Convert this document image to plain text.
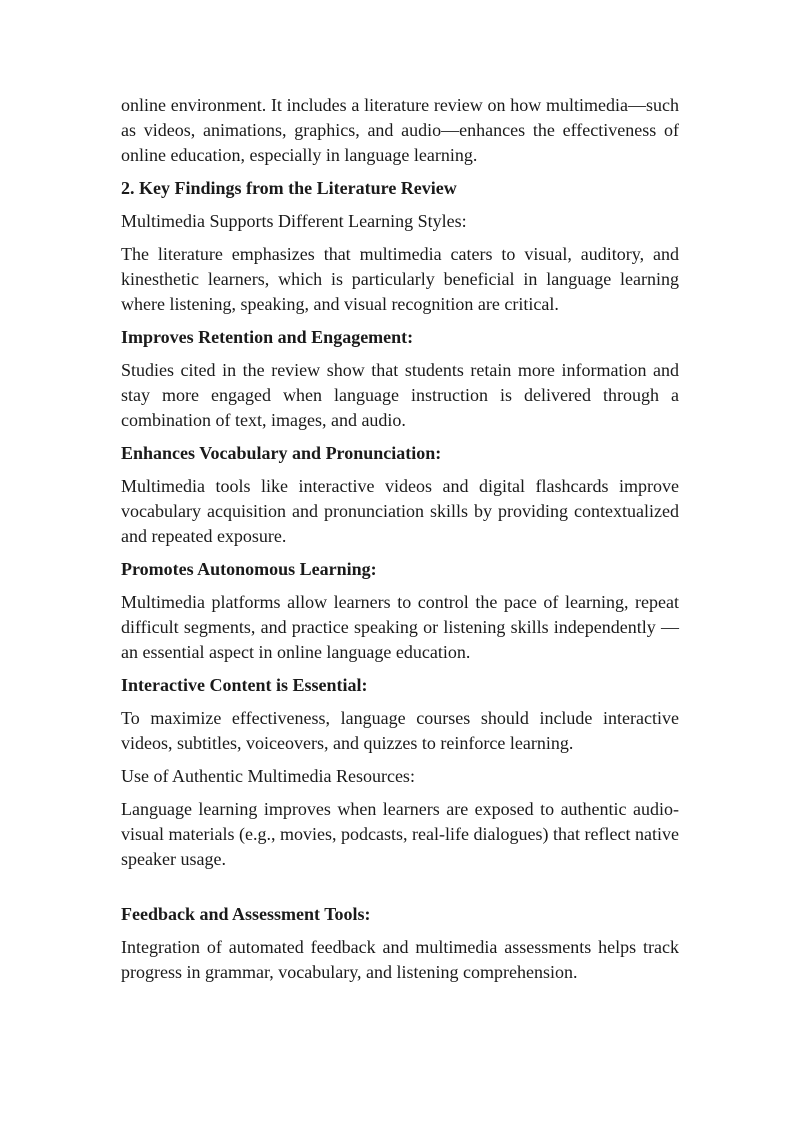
online environment. It includes a literature review on how multimedia—such as videos, animations, graphics, and audio—enhances the effectiveness of online education, especially in language learning.

2. Key Findings from the Literature Review

Multimedia Supports Different Learning Styles:

The literature emphasizes that multimedia caters to visual, auditory, and kinesthetic learners, which is particularly beneficial in language learning where listening, speaking, and visual recognition are critical.

Improves Retention and Engagement:

Studies cited in the review show that students retain more information and stay more engaged when language instruction is delivered through a combination of text, images, and audio.

Enhances Vocabulary and Pronunciation:

Multimedia tools like interactive videos and digital flashcards improve vocabulary acquisition and pronunciation skills by providing contextualized and repeated exposure.

Promotes Autonomous Learning:

Multimedia platforms allow learners to control the pace of learning, repeat difficult segments, and practice speaking or listening skills independently —an essential aspect in online language education.

Interactive Content is Essential:

To maximize effectiveness, language courses should include interactive videos, subtitles, voiceovers, and quizzes to reinforce learning.

Use of Authentic Multimedia Resources:

Language learning improves when learners are exposed to authentic audio-visual materials (e.g., movies, podcasts, real-life dialogues) that reflect native speaker usage.

Feedback and Assessment Tools:

Integration of automated feedback and multimedia assessments helps track progress in grammar, vocabulary, and listening comprehension.
